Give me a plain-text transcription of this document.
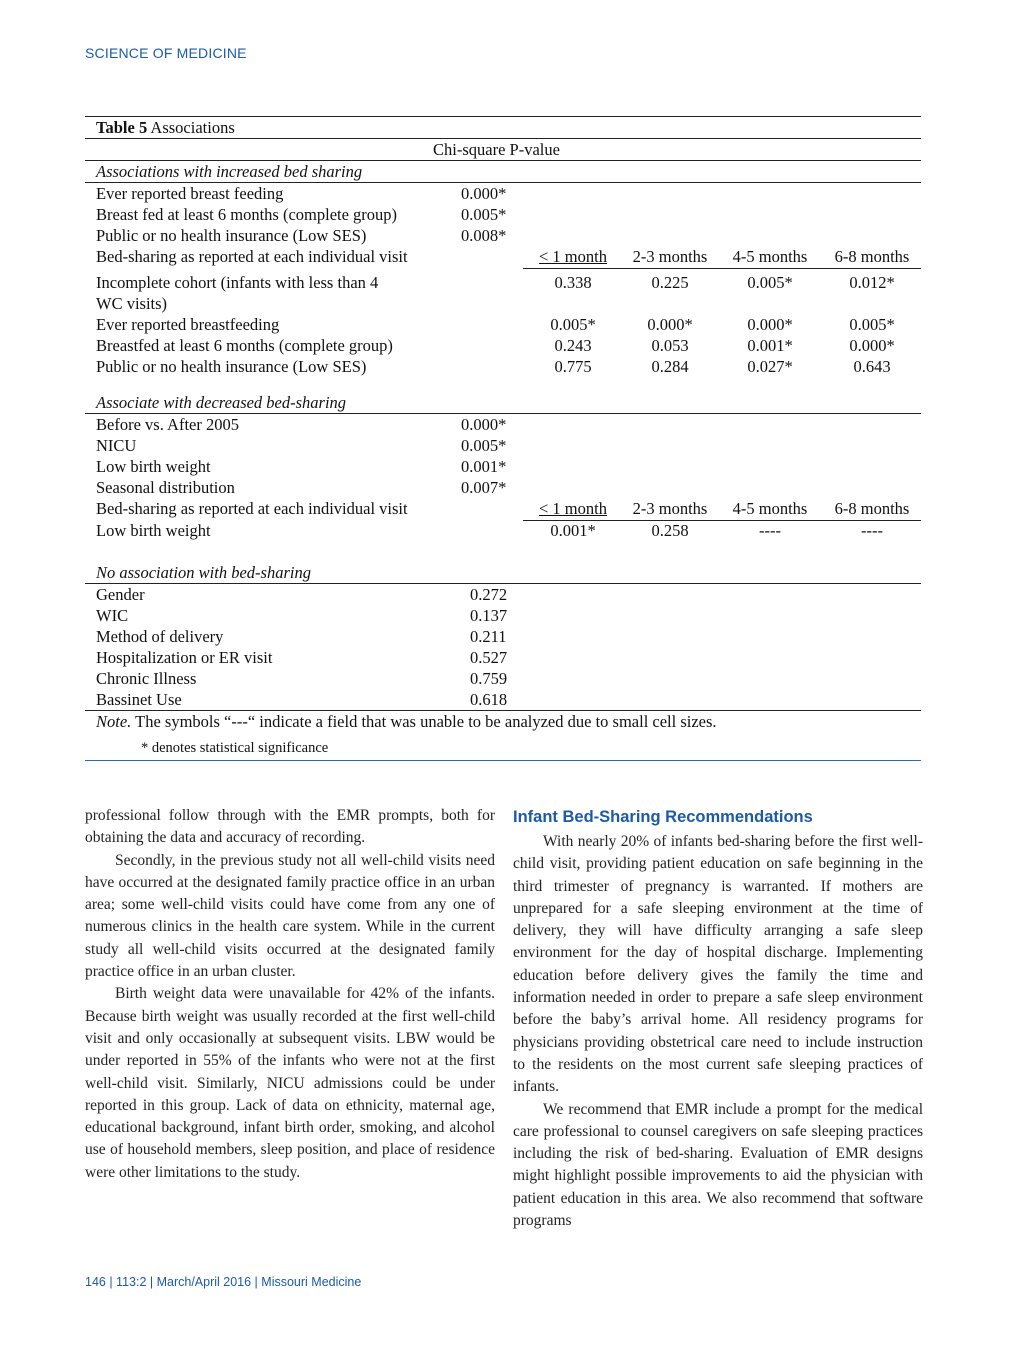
SCIENCE OF MEDICINE
Table 5 Associations
Chi-square P-value
Associations with increased bed sharing
Ever reported breast feeding	0.000*
Breast fed at least 6 months (complete group)	0.005*
Public or no health insurance (Low SES)	0.008*
Bed-sharing as reported at each individual visit	< 1 month	2-3 months	4-5 months	6-8 months
Incomplete cohort (infants with less than 4	0.338	0.225	0.005*	0.012*
WC visits)
Ever reported breastfeeding	0.005*	0.000*	0.000*	0.005*
Breastfed at least 6 months (complete group)	0.243	0.053	0.001*	0.000*
Public or no health insurance (Low SES)	0.775	0.284	0.027*	0.643
Associate with decreased bed-sharing
Before vs. After 2005	0.000*
NICU	0.005*
Low birth weight	0.001*
Seasonal distribution	0.007*
Bed-sharing as reported at each individual visit	< 1 month	2-3 months	4-5 months	6-8 months
Low birth weight	0.001*	0.258	----	----
No association with bed-sharing
Gender	0.272
WIC	0.137
Method of delivery	0.211
Hospitalization or ER visit	0.527
Chronic Illness	0.759
Bassinet Use	0.618
Note. The symbols “---“ indicate a field that was unable to be analyzed due to small cell sizes.
* denotes statistical significance

professional follow through with the EMR prompts, both for obtaining the data and accuracy of recording.

Secondly, in the previous study not all well-child visits need have occurred at the designated family practice office in an urban area; some well-child visits could have come from any one of numerous clinics in the health care system. While in the current study all well-child visits occurred at the designated family practice office in an urban cluster.

Birth weight data were unavailable for 42% of the infants. Because birth weight was usually recorded at the first well-child visit and only occasionally at subsequent visits. LBW would be under reported in 55% of the infants who were not at the first well-child visit. Similarly, NICU admissions could be under reported in this group. Lack of data on ethnicity, maternal age, educational background, infant birth order, smoking, and alcohol use of household members, sleep position, and place of residence were other limitations to the study.

Infant Bed-Sharing Recommendations

With nearly 20% of infants bed-sharing before the first well-child visit, providing patient education on safe beginning in the third trimester of pregnancy is warranted. If mothers are unprepared for a safe sleeping environment at the time of delivery, they will have difficulty arranging a safe sleep environment for the day of hospital discharge. Implementing education before delivery gives the family the time and information needed in order to prepare a safe sleep environment before the baby’s arrival home. All residency programs for physicians providing obstetrical care need to include instruction to the residents on the most current safe sleeping practices of infants.

We recommend that EMR include a prompt for the medical care professional to counsel caregivers on safe sleeping practices including the risk of bed-sharing. Evaluation of EMR designs might highlight possible improvements to aid the physician with patient education in this area. We also recommend that software programs

146 | 113:2 | March/April 2016 | Missouri Medicine
